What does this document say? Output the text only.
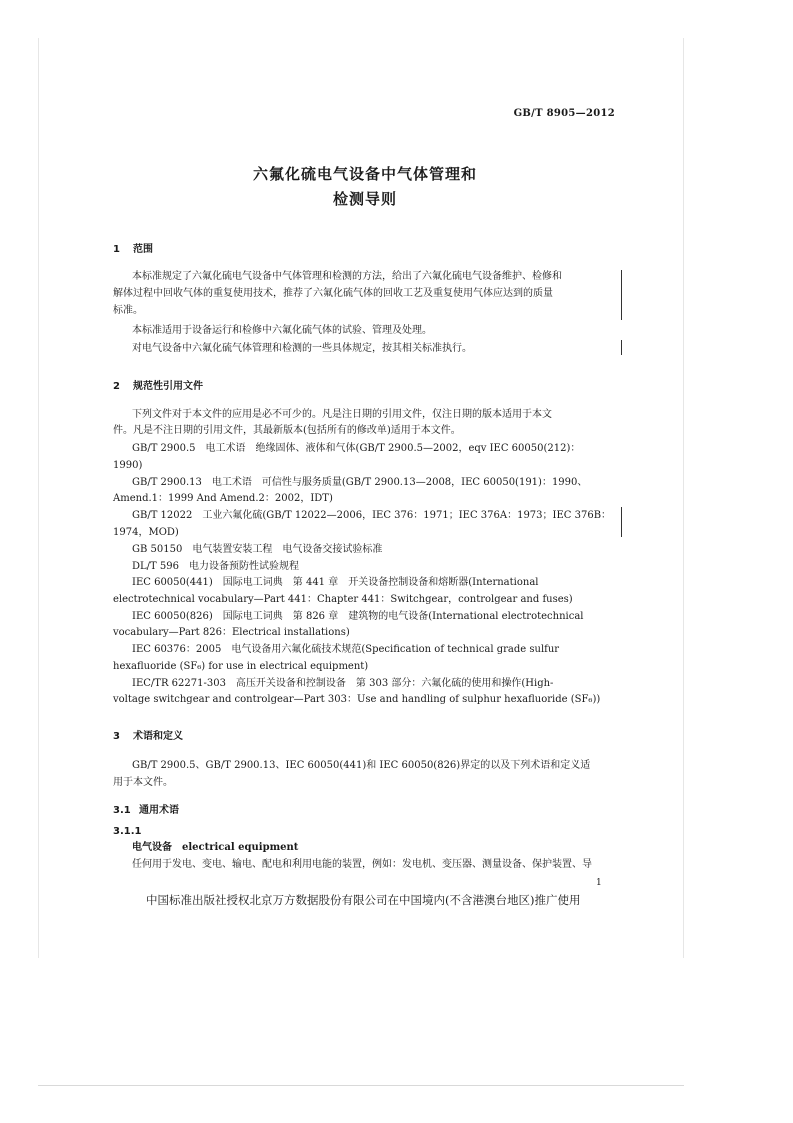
GB/T 8905—2012
六氟化硫电气设备中气体管理和
检测导则
1 范围
本标准规定了六氟化硫电气设备中气体管理和检测的方法，给出了六氟化硫电气设备维护、检修和
解体过程中回收气体的重复使用技术，推荐了六氟化硫气体的回收工艺及重复使用气体应达到的质量
标准。
本标准适用于设备运行和检修中六氟化硫气体的试验、管理及处理。
对电气设备中六氟化硫气体管理和检测的一些具体规定，按其相关标准执行。
2 规范性引用文件
下列文件对于本文件的应用是必不可少的。凡是注日期的引用文件，仅注日期的版本适用于本文
件。凡是不注日期的引用文件，其最新版本(包括所有的修改单)适用于本文件。
GB/T 2900.5　电工术语　绝缘固体、液体和气体(GB/T 2900.5—2002，eqv IEC 60050(212)：
1990)
GB/T 2900.13　电工术语　可信性与服务质量(GB/T 2900.13—2008，IEC 60050(191)：1990、
Amend.1：1999 And Amend.2：2002，IDT)
GB/T 12022　工业六氟化硫(GB/T 12022—2006，IEC 376：1971；IEC 376A：1973；IEC 376B：
1974，MOD)
GB 50150　电气装置安装工程　电气设备交接试验标准
DL/T 596　电力设备预防性试验规程
IEC 60050(441)　国际电工词典　第 441 章　开关设备控制设备和熔断器(International
electrotechnical vocabulary—Part 441：Chapter 441：Switchgear，controlgear and fuses)
IEC 60050(826)　国际电工词典　第 826 章　建筑物的电气设备(International electrotechnical
vocabulary—Part 826：Electrical installations)
IEC 60376：2005　电气设备用六氟化硫技术规范(Specification of technical grade sulfur
hexafluoride (SF₆) for use in electrical equipment)
IEC/TR 62271-303　高压开关设备和控制设备　第 303 部分：六氟化硫的使用和操作(High-
voltage switchgear and controlgear—Part 303：Use and handling of sulphur hexafluoride (SF₆))
3 术语和定义
GB/T 2900.5、GB/T 2900.13、IEC 60050(441)和 IEC 60050(826)界定的以及下列术语和定义适
用于本文件。
3.1 通用术语
3.1.1
电气设备 electrical equipment
任何用于发电、变电、输电、配电和利用电能的装置，例如：发电机、变压器、测量设备、保护装置、导
1
中国标准出版社授权北京万方数据股份有限公司在中国境内(不含港澳台地区)推广使用
